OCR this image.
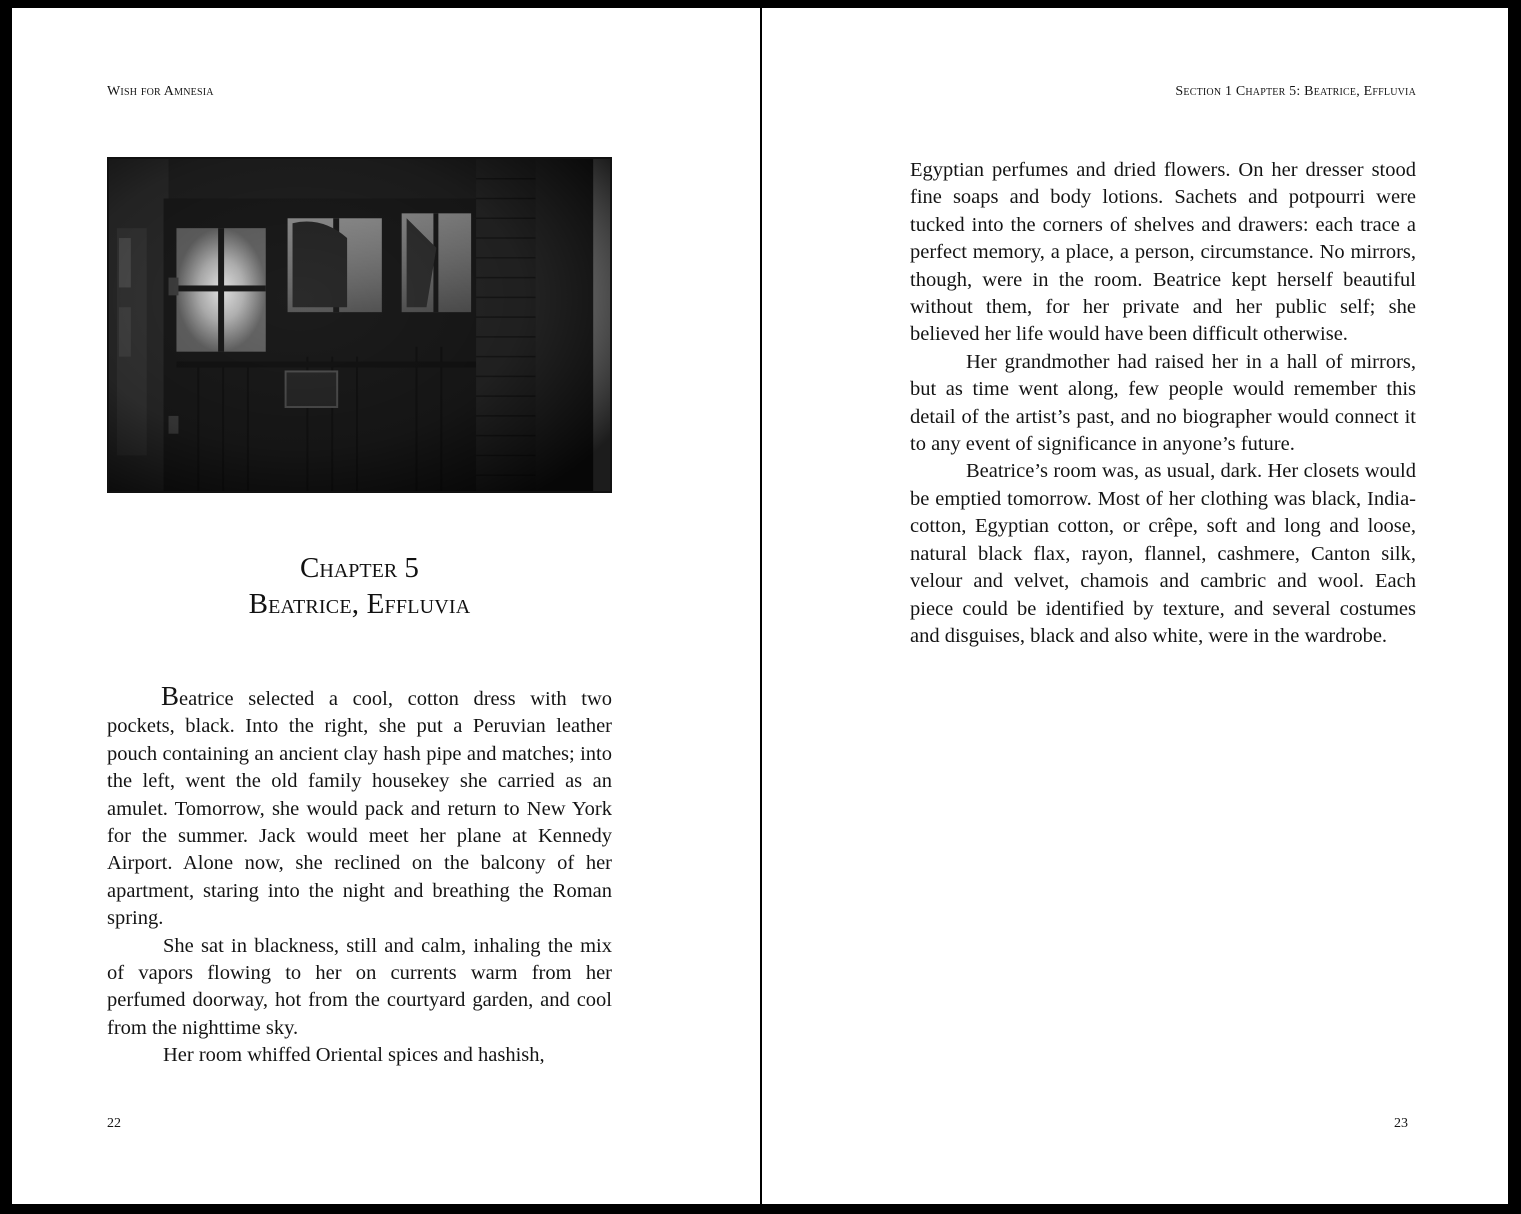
Wish for Amnesia
Chapter 5
Beatrice, Effluvia

Beatrice selected a cool, cotton dress with two pockets, black. Into the right, she put a Peruvian leather pouch containing an ancient clay hash pipe and matches; into the left, went the old family housekey she carried as an amulet. Tomorrow, she would pack and return to New York for the summer. Jack would meet her plane at Kennedy Airport. Alone now, she reclined on the balcony of her apartment, staring into the night and breathing the Roman spring.

She sat in blackness, still and calm, inhaling the mix of vapors flowing to her on currents warm from her perfumed doorway, hot from the courtyard garden, and cool from the nighttime sky.

Her room whiffed Oriental spices and hashish,

22
Section 1 Chapter 5: Beatrice, Effluvia

Egyptian perfumes and dried flowers. On her dresser stood fine soaps and body lotions. Sachets and potpourri were tucked into the corners of shelves and drawers: each trace a perfect memory, a place, a person, circumstance. No mirrors, though, were in the room. Beatrice kept herself beautiful without them, for her private and her public self; she believed her life would have been difficult otherwise.

Her grandmother had raised her in a hall of mirrors, but as time went along, few people would remember this detail of the artist’s past, and no biographer would connect it to any event of significance in anyone’s future.

Beatrice’s room was, as usual, dark. Her closets would be emptied tomorrow. Most of her clothing was black, India-cotton, Egyptian cotton, or crêpe, soft and long and loose, natural black flax, rayon, flannel, cashmere, Canton silk, velour and velvet, chamois and cambric and wool. Each piece could be identified by texture, and several costumes and disguises, black and also white, were in the wardrobe.

23
